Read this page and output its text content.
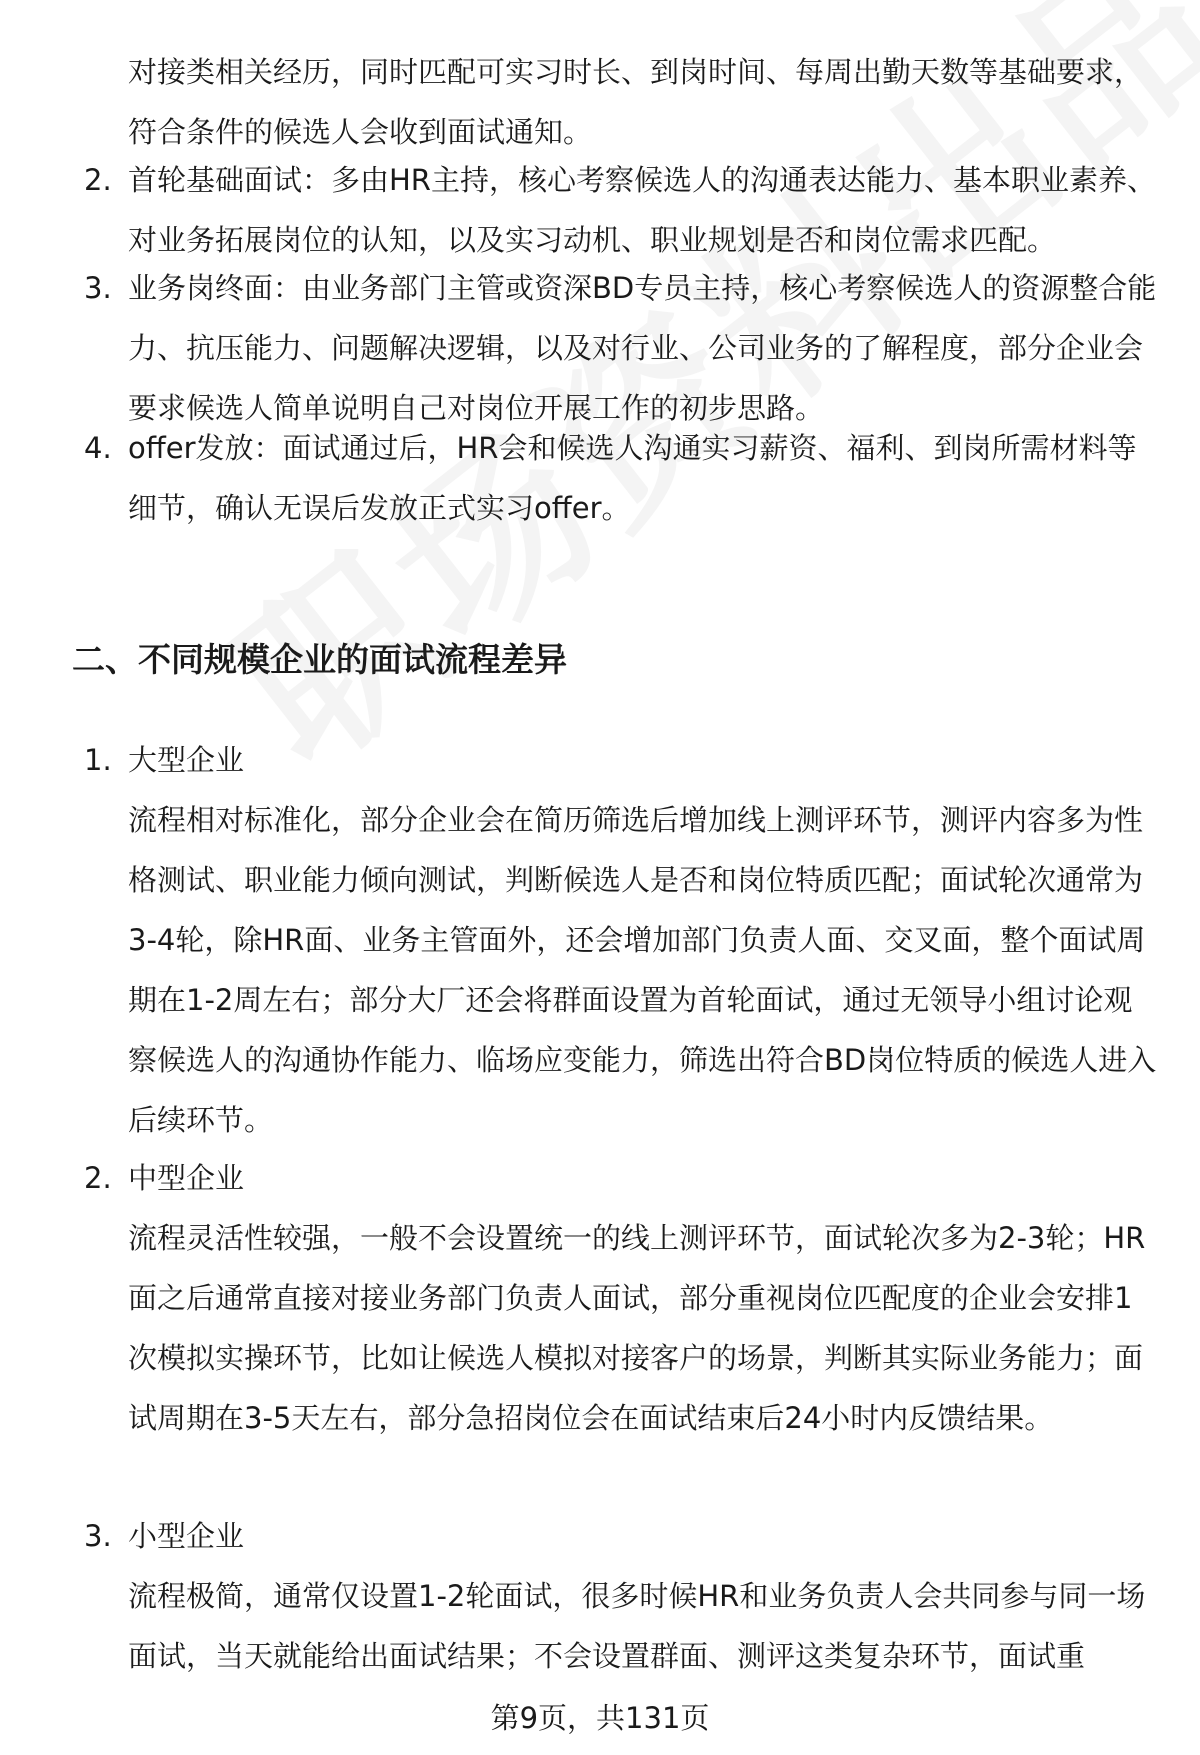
对接类相关经历，同时匹配可实习时长、到岗时间、每周出勤天数等基础要求，符合条件的候选人会收到面试通知。

2. 首轮基础面试：多由HR主持，核心考察候选人的沟通表达能力、基本职业素养、对业务拓展岗位的认知，以及实习动机、职业规划是否和岗位需求匹配。

3. 业务岗终面：由业务部门主管或资深BD专员主持，核心考察候选人的资源整合能力、抗压能力、问题解决逻辑，以及对行业、公司业务的了解程度，部分企业会要求候选人简单说明自己对岗位开展工作的初步思路。

4. offer发放：面试通过后，HR会和候选人沟通实习薪资、福利、到岗所需材料等细节，确认无误后发放正式实习offer。

二、不同规模企业的面试流程差异
1. 大型企业

流程相对标准化，部分企业会在简历筛选后增加线上测评环节，测评内容多为性格测试、职业能力倾向测试，判断候选人是否和岗位特质匹配；面试轮次通常为3-4轮，除HR面、业务主管面外，还会增加部门负责人面、交叉面，整个面试周期在1-2周左右；部分大厂还会将群面设置为首轮面试，通过无领导小组讨论观察候选人的沟通协作能力、临场应变能力，筛选出符合BD岗位特质的候选人进入后续环节。

2. 中型企业

流程灵活性较强，一般不会设置统一的线上测评环节，面试轮次多为2-3轮；HR面之后通常直接对接业务部门负责人面试，部分重视岗位匹配度的企业会安排1次模拟实操环节，比如让候选人模拟对接客户的场景，判断其实际业务能力；面试周期在3-5天左右，部分急招岗位会在面试结束后24小时内反馈结果。

3. 小型企业

流程极简，通常仅设置1-2轮面试，很多时候HR和业务负责人会共同参与同一场面试，当天就能给出面试结果；不会设置群面、测评这类复杂环节，面试重

第9页，共131页
